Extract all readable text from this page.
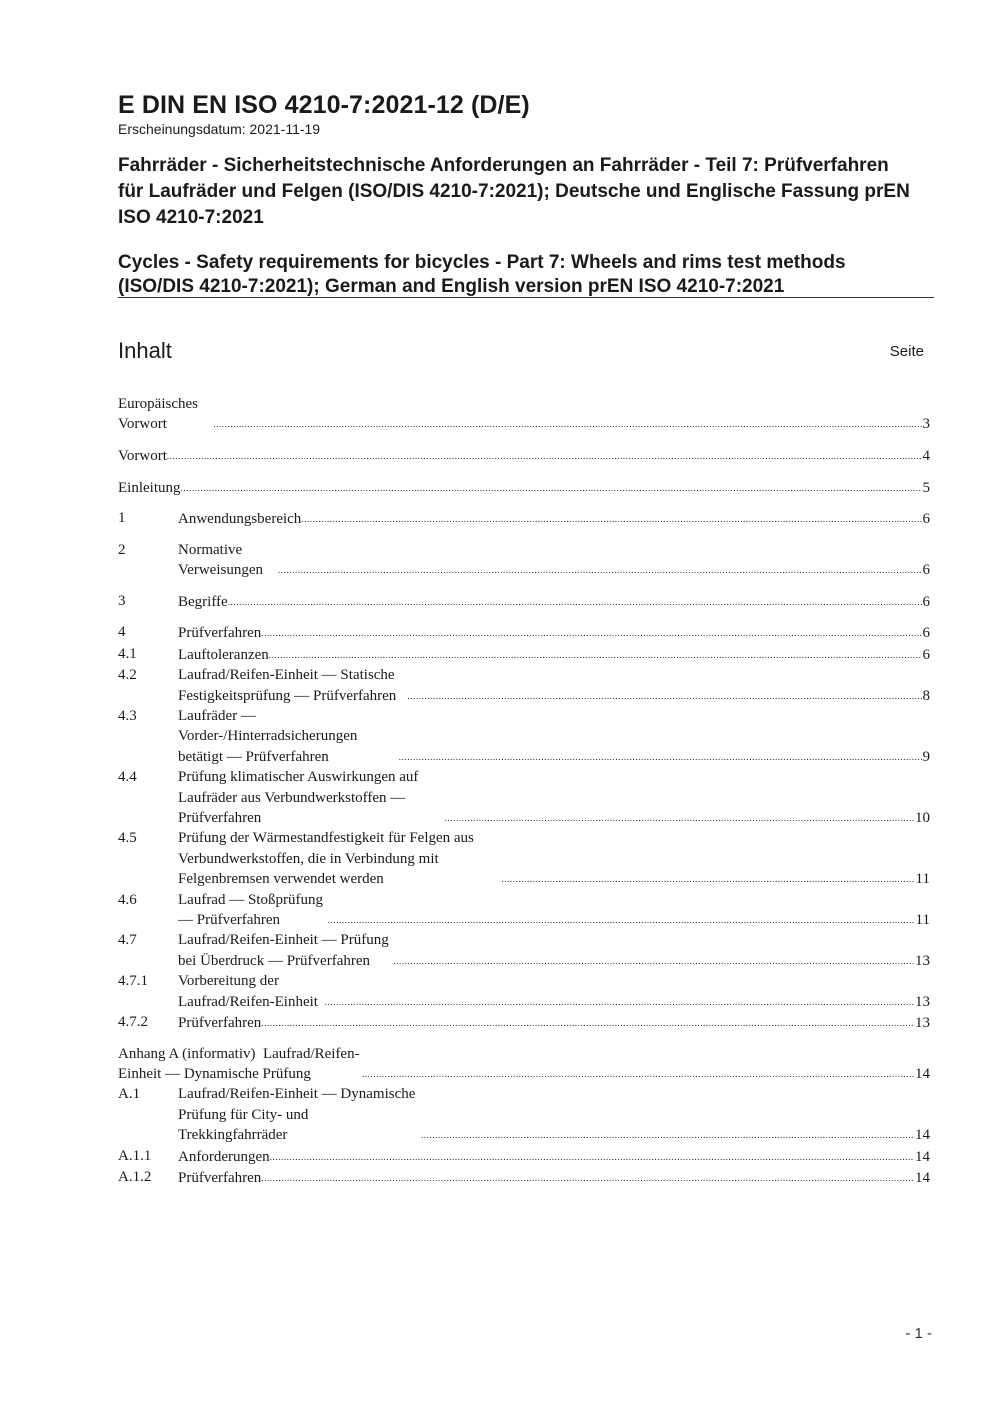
E DIN EN ISO 4210-7:2021-12 (D/E)
Erscheinungsdatum: 2021-11-19
Fahrräder - Sicherheitstechnische Anforderungen an Fahrräder - Teil 7: Prüfverfahren für Laufräder und Felgen (ISO/DIS 4210-7:2021); Deutsche und Englische Fassung prEN ISO 4210-7:2021
Cycles - Safety requirements for bicycles - Part 7: Wheels and rims test methods (ISO/DIS 4210-7:2021); German and English version prEN ISO 4210-7:2021
Inhalt	Seite
Europäisches Vorwort .....	3
Vorwort .....	4
Einleitung .....	5
1	Anwendungsbereich .....	6
2	Normative Verweisungen .....	6
3	Begriffe .....	6
4	Prüfverfahren .....	6
4.1	Lauftoleranzen .....	6
4.2	Laufrad/Reifen-Einheit — Statische Festigkeitsprüfung — Prüfverfahren .....	8
4.3	Laufräder — Vorder-/Hinterradsicherungen betätigt — Prüfverfahren .....	9
4.4	Prüfung klimatischer Auswirkungen auf Laufräder aus Verbundwerkstoffen — Prüfverfahren .....	10
4.5	Prüfung der Wärmestandfestigkeit für Felgen aus Verbundwerkstoffen, die in Verbindung mit Felgenbremsen verwendet werden .....	11
4.6	Laufrad — Stoßprüfung — Prüfverfahren .....	11
4.7	Laufrad/Reifen-Einheit — Prüfung bei Überdruck — Prüfverfahren .....	13
4.7.1 Vorbereitung der Laufrad/Reifen-Einheit .....	13
4.7.2 Prüfverfahren .....	13
Anhang A (informativ)  Laufrad/Reifen-Einheit — Dynamische Prüfung .....	14
A.1	Laufrad/Reifen-Einheit — Dynamische Prüfung für City- und Trekkingfahrräder .....	14
A.1.1 Anforderungen .....	14
A.1.2 Prüfverfahren .....	14
- 1 -
